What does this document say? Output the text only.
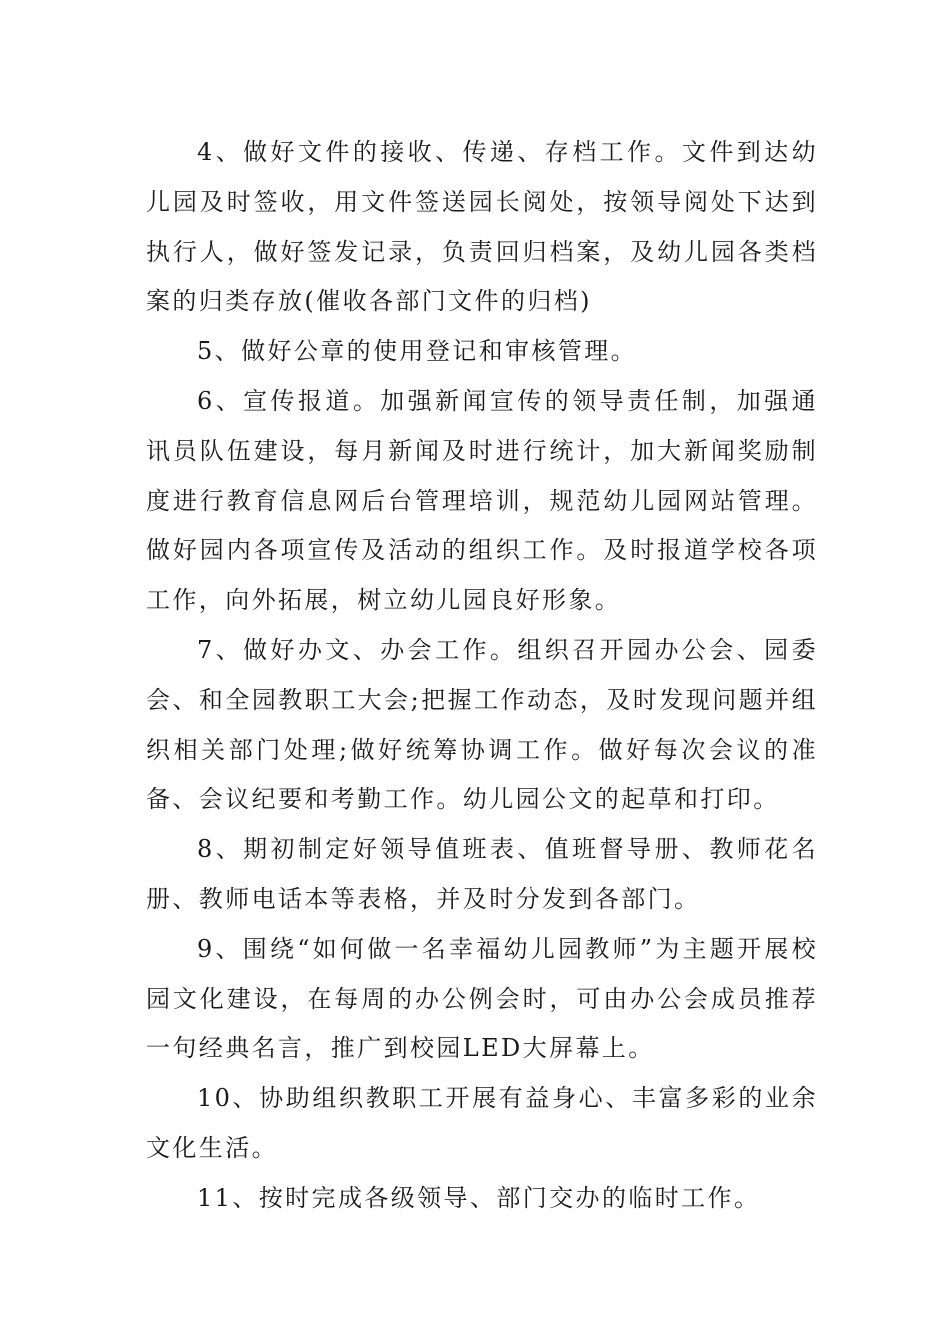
4、做好文件的接收、传递、存档工作。文件到达幼儿园及时签收，用文件签送园长阅处，按领导阅处下达到执行人，做好签发记录，负责回归档案，及幼儿园各类档案的归类存放(催收各部门文件的归档)

5、做好公章的使用登记和审核管理。

6、宣传报道。加强新闻宣传的领导责任制，加强通讯员队伍建设，每月新闻及时进行统计，加大新闻奖励制度进行教育信息网后台管理培训，规范幼儿园网站管理。做好园内各项宣传及活动的组织工作。及时报道学校各项工作，向外拓展，树立幼儿园良好形象。

7、做好办文、办会工作。组织召开园办公会、园委会、和全园教职工大会;把握工作动态，及时发现问题并组织相关部门处理;做好统筹协调工作。做好每次会议的准备、会议纪要和考勤工作。幼儿园公文的起草和打印。

8、期初制定好领导值班表、值班督导册、教师花名册、教师电话本等表格，并及时分发到各部门。

9、围绕“如何做一名幸福幼儿园教师”为主题开展校园文化建设，在每周的办公例会时，可由办公会成员推荐一句经典名言，推广到校园LED大屏幕上。

10、协助组织教职工开展有益身心、丰富多彩的业余文化生活。

11、按时完成各级领导、部门交办的临时工作。
